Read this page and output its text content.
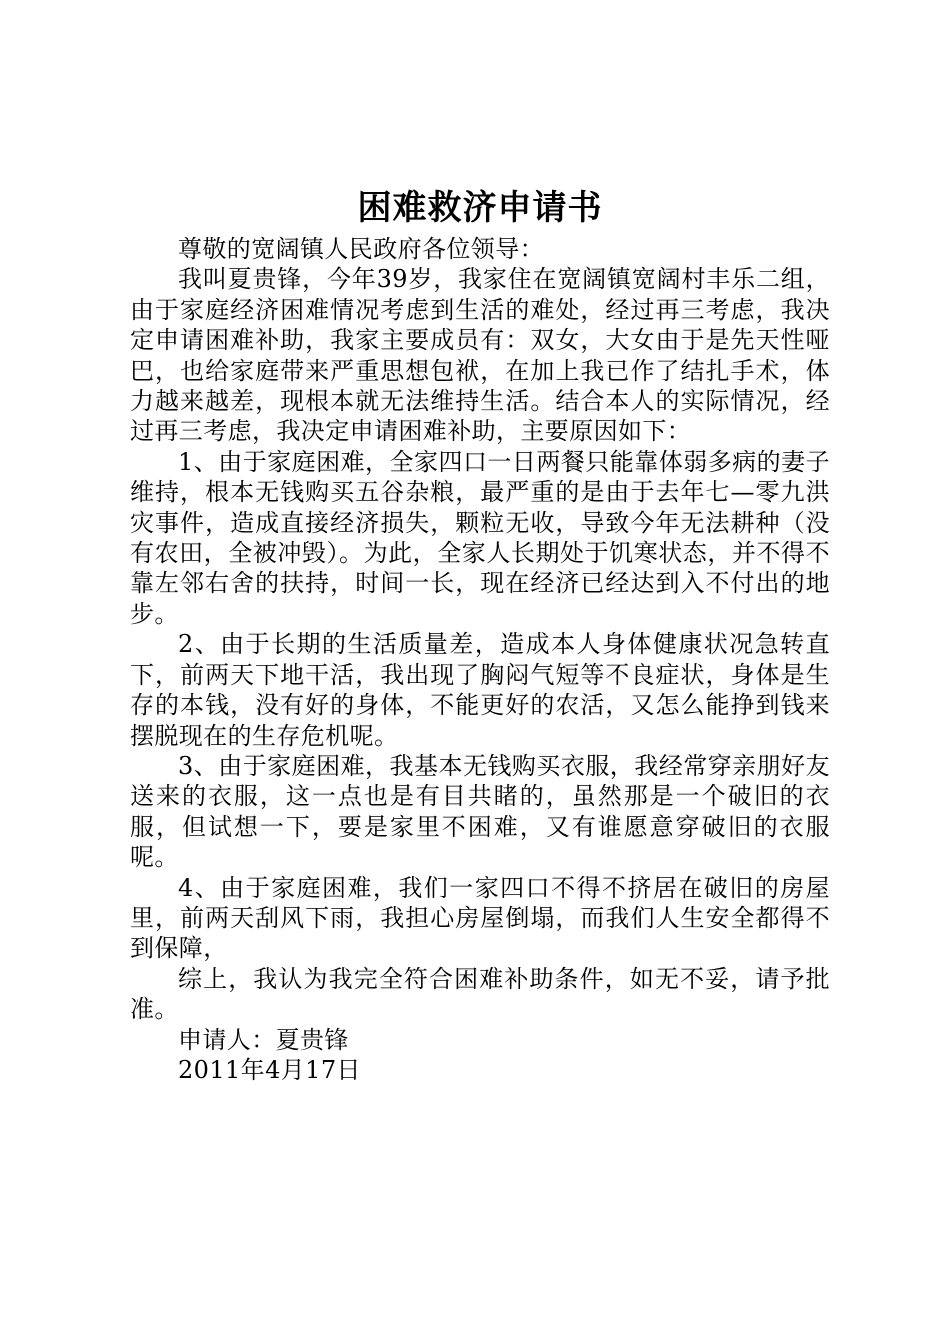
困难救济申请书

尊敬的宽阔镇人民政府各位领导：

我叫夏贵锋，今年39岁，我家住在宽阔镇宽阔村丰乐二组，由于家庭经济困难情况考虑到生活的难处，经过再三考虑，我决定申请困难补助，我家主要成员有：双女，大女由于是先天性哑巴，也给家庭带来严重思想包袱，在加上我已作了结扎手术，体力越来越差，现根本就无法维持生活。结合本人的实际情况，经过再三考虑，我决定申请困难补助，主要原因如下：

1、由于家庭困难，全家四口一日两餐只能靠体弱多病的妻子维持，根本无钱购买五谷杂粮，最严重的是由于去年七—零九洪灾事件，造成直接经济损失，颗粒无收，导致今年无法耕种（没有农田，全被冲毁）。为此，全家人长期处于饥寒状态，并不得不靠左邻右舍的扶持，时间一长，现在经济已经达到入不付出的地步。

2、由于长期的生活质量差，造成本人身体健康状况急转直下，前两天下地干活，我出现了胸闷气短等不良症状，身体是生存的本钱，没有好的身体，不能更好的农活，又怎么能挣到钱来摆脱现在的生存危机呢。

3、由于家庭困难，我基本无钱购买衣服，我经常穿亲朋好友送来的衣服，这一点也是有目共睹的，虽然那是一个破旧的衣服，但试想一下，要是家里不困难，又有谁愿意穿破旧的衣服呢。

4、由于家庭困难，我们一家四口不得不挤居在破旧的房屋里，前两天刮风下雨，我担心房屋倒塌，而我们人生安全都得不到保障，

综上，我认为我完全符合困难补助条件，如无不妥，请予批准。

申请人：夏贵锋

2011年4月17日
